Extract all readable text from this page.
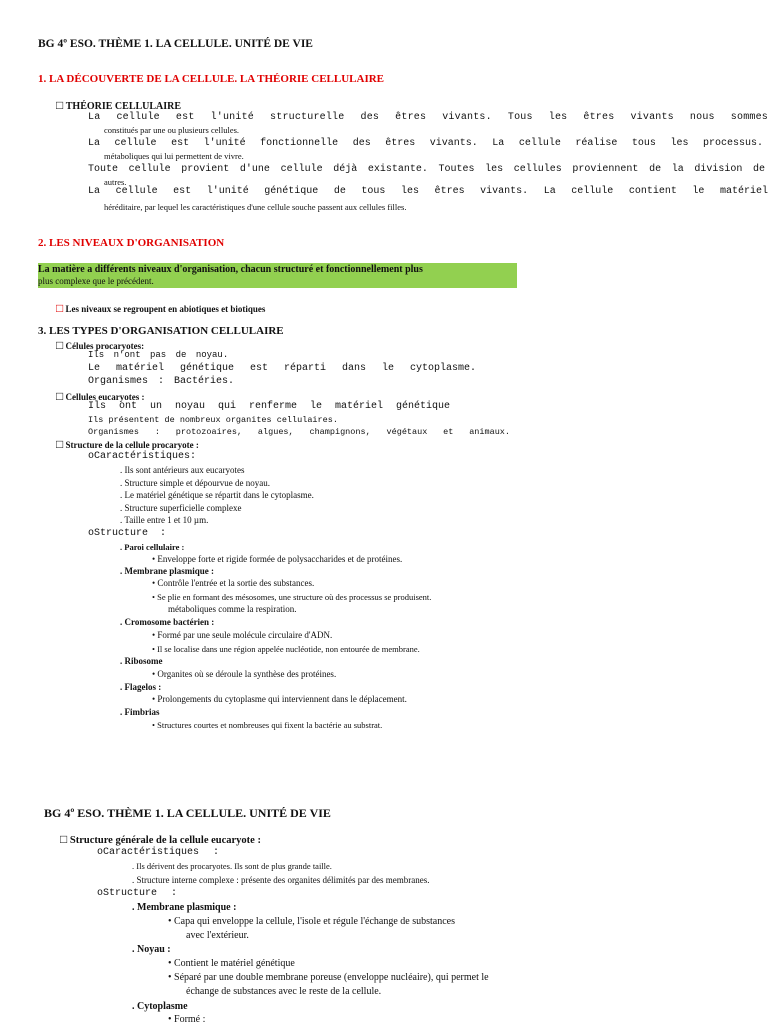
BG 4º ESO. THÈME 1. LA CELLULE. UNITÉ DE VIE
1. LA DÉCOUVERTE DE LA CELLULE. LA THÉORIE CELLULAIRE
□ THÉORIE CELLULAIRE
La cellule est l'unité structurelle des êtres vivants. Tous les êtres vivants nous sommes
constitués par une ou plusieurs cellules.
La cellule est l'unité fonctionnelle des êtres vivants. La cellule réalise tous les processus.
métaboliques qui lui permettent de vivre.
Toute cellule provient d'une cellule déjà existante. Toutes les cellules proviennent de la division de
autres.
La cellule est l'unité génétique de tous les êtres vivants. La cellule contient le matériel
héréditaire, par lequel les caractéristiques d'une cellule souche passent aux cellules filles.
2. LES NIVEAUX D'ORGANISATION
La matière a différents niveaux d'organisation, chacun structuré et fonctionnellement plus
plus complexe que le précédent.
□ Les niveaux se regroupent en abiotiques et biotiques
3. LES TYPES D'ORGANISATION CELLULAIRE
□ Célules procaryotes:
Ils n'ont pas de noyau.
Le matériel génétique est réparti dans le cytoplasme.
Organismes : Bactéries.
□ Cellules eucaryotes :
Ils ont un noyau qui renferme le matériel génétique
Ils présentent de nombreux organites cellulaires.
Organismes : protozoaires, algues, champignons, végétaux et animaux.
□ Structure de la cellule procaryote :
oCaractéristiques:
. Ils sont antérieurs aux eucaryotes
. Structure simple et dépourvue de noyau.
. Le matériel génétique se répartit dans le cytoplasme.
. Structure superficielle complexe
. Taille entre 1 et 10 µm.
oStructure :
. Paroi cellulaire :
• Enveloppe forte et rigide formée de polysaccharides et de protéines.
. Membrane plasmique :
• Contrôle l'entrée et la sortie des substances.
• Se plie en formant des mésosomes, une structure où des processus se produisent.
métaboliques comme la respiration.
. Cromosome bactérien :
• Formé par une seule molécule circulaire d'ADN.
• Il se localise dans une région appelée nucléotide, non entourée de membrane.
. Ribosome
• Organites où se déroule la synthèse des protéines.
. Flagelos :
• Prolongements du cytoplasme qui interviennent dans le déplacement.
. Fimbrias
• Structures courtes et nombreuses qui fixent la bactérie au substrat.
BG 4º ESO. THÈME 1. LA CELLULE. UNITÉ DE VIE
□ Structure générale de la cellule eucaryote :
oCaractéristiques :
. Ils dérivent des procaryotes. Ils sont de plus grande taille.
. Structure interne complexe : présente des organites délimités par des membranes.
oStructure :
. Membrane plasmique :
• Capa qui enveloppe la cellule, l'isole et régule l'échange de substances
avec l'extérieur.
. Noyau :
• Contient le matériel génétique
• Séparé par une double membrane poreuse (enveloppe nucléaire), qui permet le
échange de substances avec le reste de la cellule.
. Cytoplasme
• Formé :
